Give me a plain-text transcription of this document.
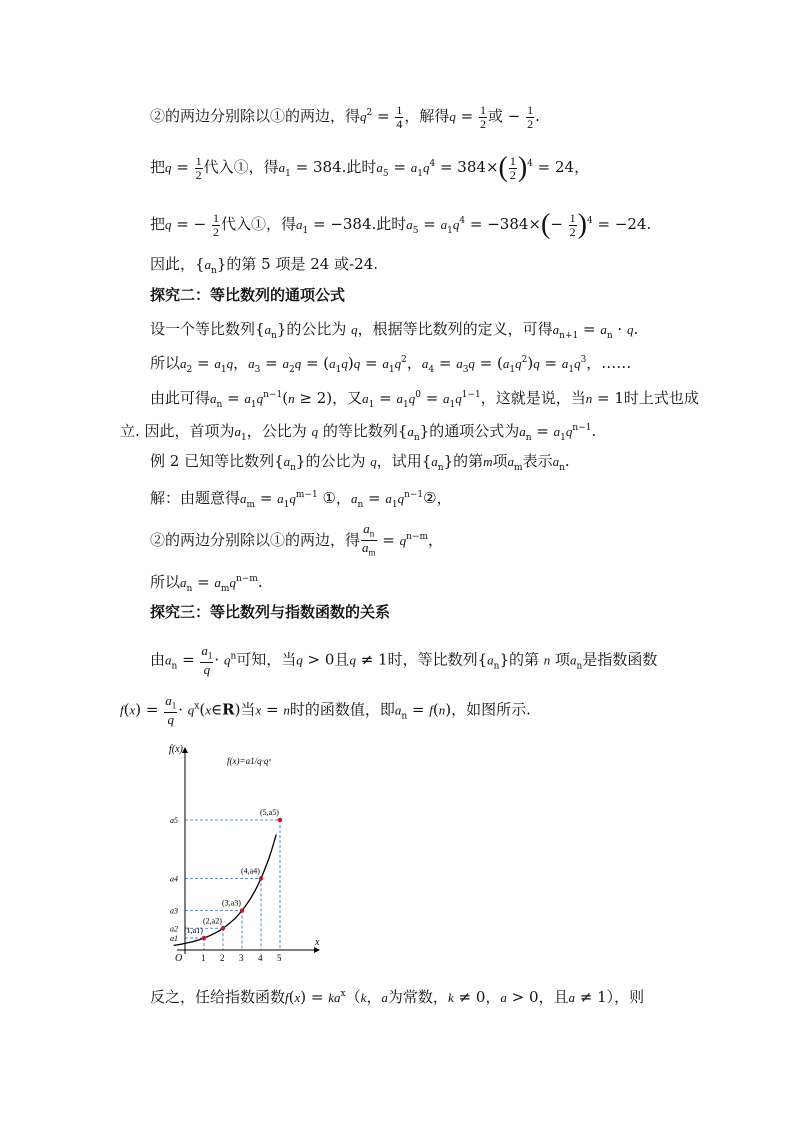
②的两边分别除以①的两边，得$q^2 = \frac{1}{4}$ ，解得$q = \frac{1}{2}$ 或 − $\frac{1}{2}$ .
把$q = \frac{1}{2}$ 代入①，得$a_1 = 384$.此时$a_5 = a_1q^4 = 384\times( \frac{1}{2} )^4 = 24$，
把q = − $\frac{1}{2}$ 代入①，得$a_1 = -384$.此时$a_5 = a_1q^4 = -384\times(- \frac{1}{2} )^4 = -24$.
因此，$\{a_n\}$的第 5 项是 24 或-24.
探究二：等比数列的通项公式
设一个等比数列$\{a_n\}$的公比为 q，根据等比数列的定义，可得$a_{n+1} = a_n \cdot q$.
所以$a_2 = a_1q$，$a_3 = a_2q = (a_1q)q = a_1q^2$，$a_4 = a_3q = (a_1q^2)q = a_1q^3$，……
由此可得$a_n = a_1q^{n-1}(n \ge 2)$，又$a_1 = a_1q^0 = a_1q^{1-1}$，这就是说，当n = 1时上式也成
立. 因此，首项为$a_1$，公比为 q 的等比数列$\{a_n\}$的通项公式为$a_n = a_1q^{n-1}$.
例 2 已知等比数列$\{a_n\}$的公比为 q，试用$\{a_n\}$的第m项$a_m$表示$a_n$.
解：由题意得$a_m = a_1q^{m-1}$ ①，$a_n$ = $a_1q^{n-1}②$，
②的两边分别除以①的两边，得 $\frac{a_n}{a_m} = q^{n-m}$，
所以$a_n = a_mq^{n-m}$.
探究三：等比数列与指数函数的关系
由$a_n = \frac{a_1}{q} \cdot q^n$可知，当q > 0且q ≠ 1时，等比数列$\{a_n\}$的第 n 项$a_n$是指数函数
$f(x) = \frac{a_1}{q}$ · $q^x(x\in R)$当x = n时的函数值，即$a_n = f(n)$，如图所示.
f(x)
x
O
f(x)=a1/q·qˣ
1
a1
(1,a1)
2
a2
(2,a2)
3
a3
(3,a3)
4
a4
(4,a4)
5
a5
(5,a5)
反之，任给指数函数$f(x) = ka^x(k$，a为常数，k ≠ 0，a > 0，且a ≠ 1），则
